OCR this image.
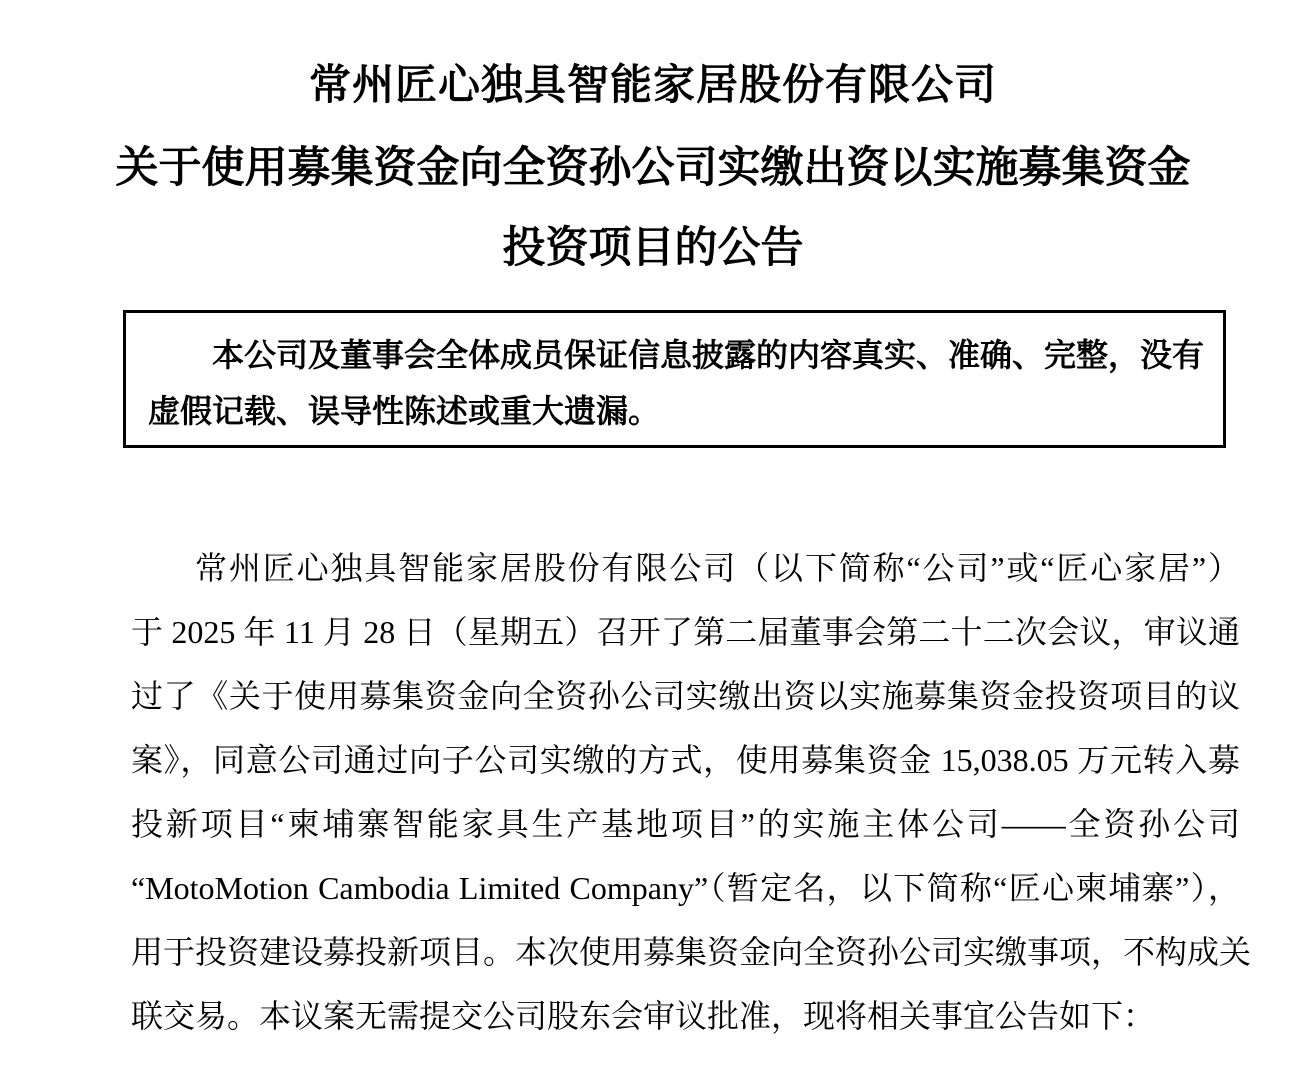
常州匠心独具智能家居股份有限公司
关于使用募集资金向全资孙公司实缴出资以实施募集资金
投资项目的公告
本公司及董事会全体成员保证信息披露的内容真实、准确、完整，没有
虚假记载、误导性陈述或重大遗漏。
常州匠心独具智能家居股份有限公司（以下简称“公司”或“匠心家居”）
于 2025 年 11 月 28 日（星期五）召开了第二届董事会第二十二次会议，审议通
过了《关于使用募集资金向全资孙公司实缴出资以实施募集资金投资项目的议
案》，同意公司通过向子公司实缴的方式，使用募集资金 15,038.05 万元转入募
投新项目“柬埔寨智能家具生产基地项目”的实施主体公司——全资孙公司
“MotoMotion Cambodia Limited Company”（暂定名，以下简称“匠心柬埔寨”），
用于投资建设募投新项目。本次使用募集资金向全资孙公司实缴事项，不构成关
联交易。本议案无需提交公司股东会审议批准，现将相关事宜公告如下：
